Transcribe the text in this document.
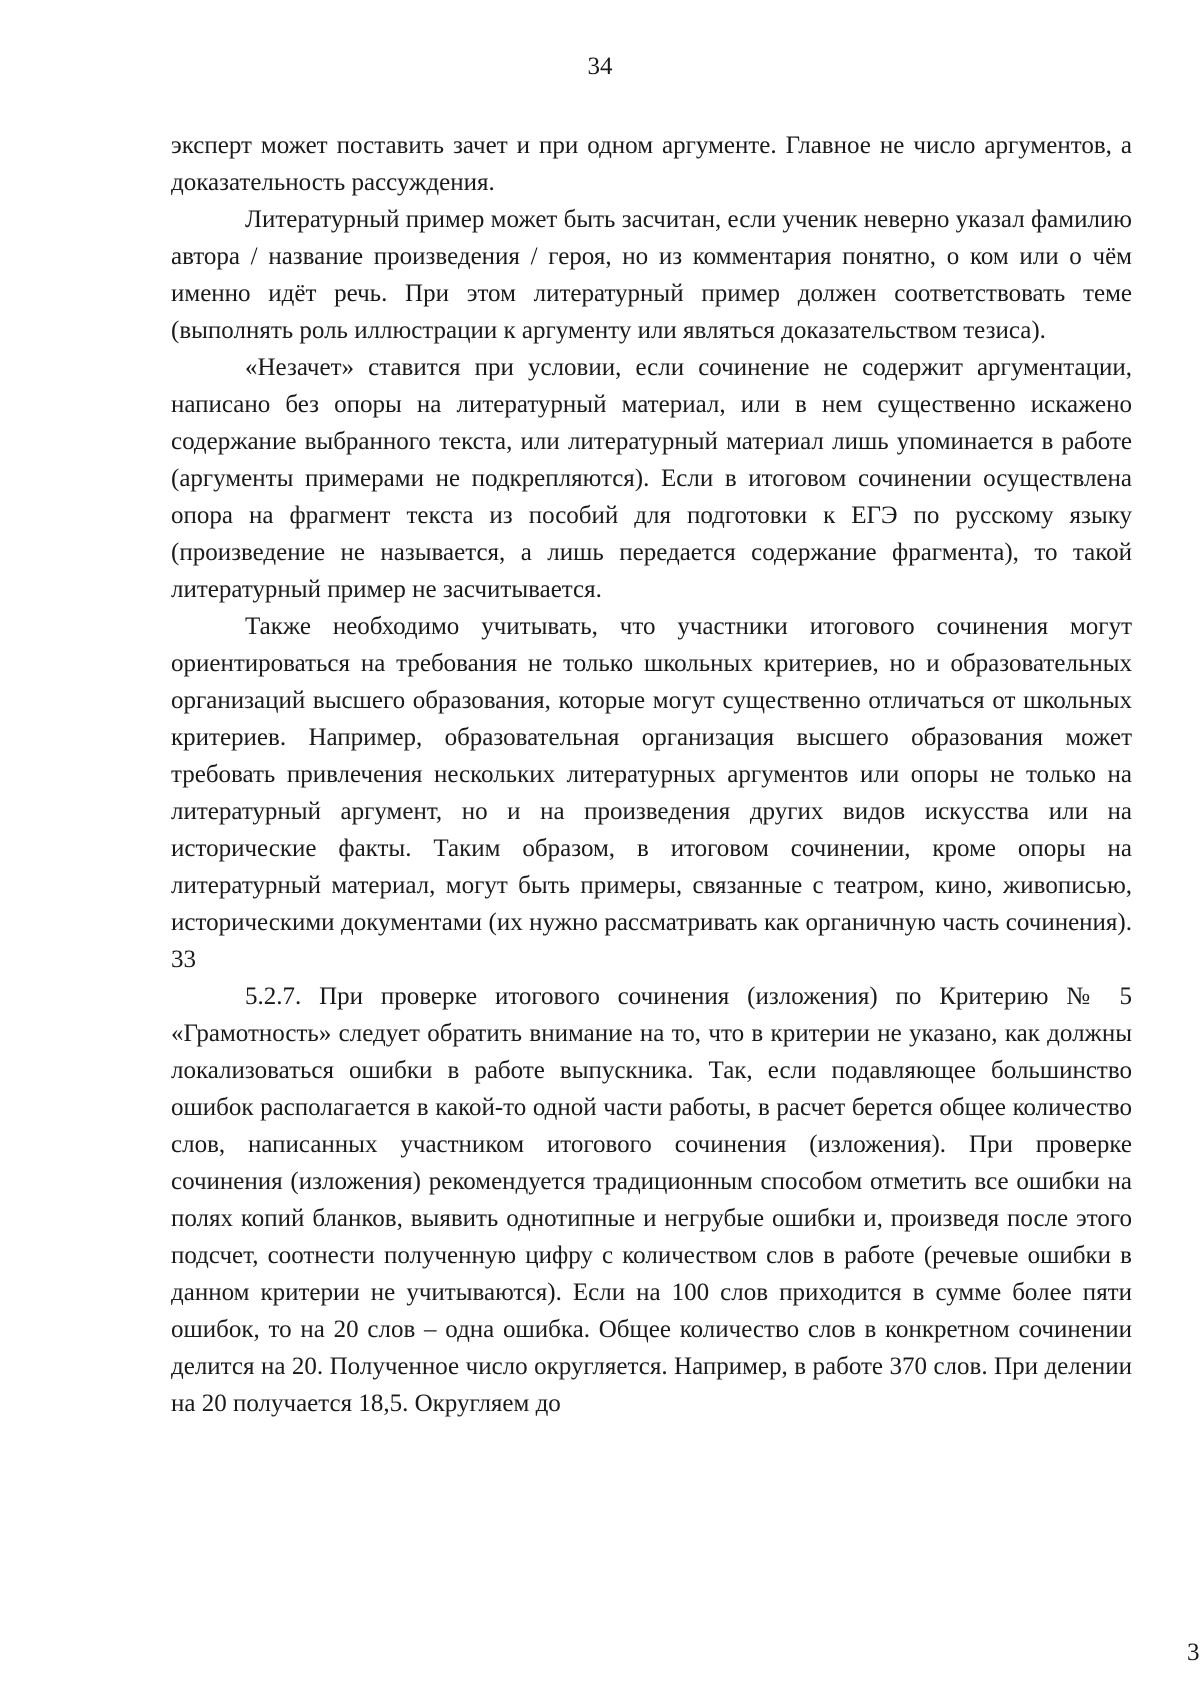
34

эксперт может поставить зачет и при одном аргументе. Главное не число аргументов, а доказательность рассуждения.

Литературный пример может быть засчитан, если ученик неверно указал фамилию автора / название произведения / героя, но из комментария понятно, о ком или о чём именно идёт речь. При этом литературный пример должен соответствовать теме (выполнять роль иллюстрации к аргументу или являться доказательством тезиса).

«Незачет» ставится при условии, если сочинение не содержит аргументации, написано без опоры на литературный материал, или в нем существенно искажено содержание выбранного текста, или литературный материал лишь упоминается в работе (аргументы примерами не подкрепляются). Если в итоговом сочинении осуществлена опора на фрагмент текста из пособий для подготовки к ЕГЭ по русскому языку (произведение не называется, а лишь передается содержание фрагмента), то такой литературный пример не засчитывается.

Также необходимо учитывать, что участники итогового сочинения могут ориентироваться на требования не только школьных критериев, но и образовательных организаций высшего образования, которые могут существенно отличаться от школьных критериев. Например, образовательная организация высшего образования может требовать привлечения нескольких литературных аргументов или опоры не только на литературный аргумент, но и на произведения других видов искусства или на исторические факты. Таким образом, в итоговом сочинении, кроме опоры на литературный материал, могут быть примеры, связанные с театром, кино, живописью, историческими документами (их нужно рассматривать как органичную часть сочинения). 33

5.2.7. При проверке итогового сочинения (изложения) по Критерию № 5 «Грамотность» следует обратить внимание на то, что в критерии не указано, как должны локализоваться ошибки в работе выпускника. Так, если подавляющее большинство ошибок располагается в какой-то одной части работы, в расчет берется общее количество слов, написанных участником итогового сочинения (изложения). При проверке сочинения (изложения) рекомендуется традиционным способом отметить все ошибки на полях копий бланков, выявить однотипные и негрубые ошибки и, произведя после этого подсчет, соотнести полученную цифру с количеством слов в работе (речевые ошибки в данном критерии не учитываются). Если на 100 слов приходится в сумме более пяти ошибок, то на 20 слов – одна ошибка. Общее количество слов в конкретном сочинении делится на 20. Полученное число округляется. Например, в работе 370 слов. При делении на 20 получается 18,5. Округляем до

3
